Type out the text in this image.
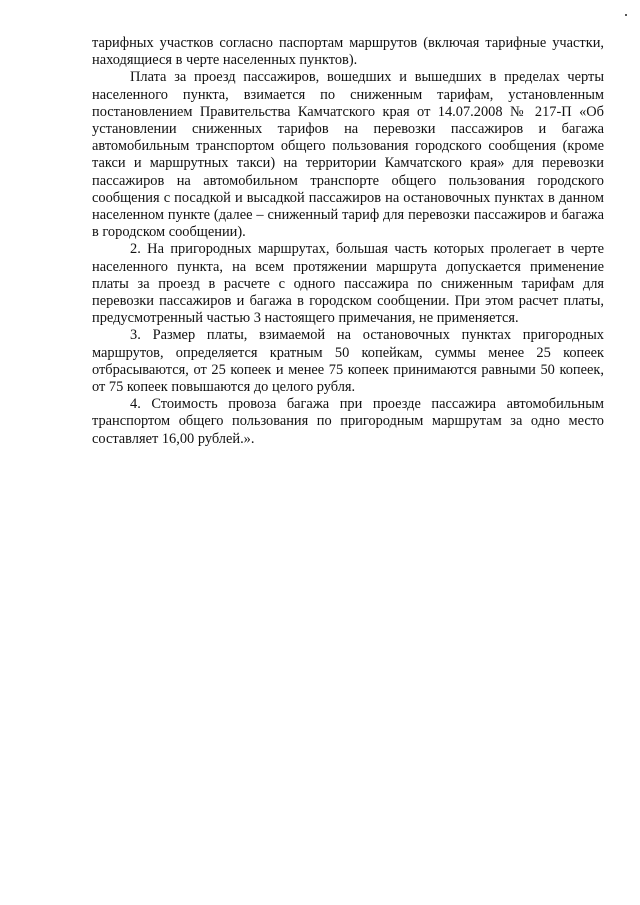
тарифных участков согласно паспортам маршрутов (включая тарифные участки, находящиеся в черте населенных пунктов).

Плата за проезд пассажиров, вошедших и вышедших в пределах черты населенного пункта, взимается по сниженным тарифам, установленным постановлением Правительства Камчатского края от 14.07.2008 № 217-П «Об установлении сниженных тарифов на перевозки пассажиров и багажа автомобильным транспортом общего пользования городского сообщения (кроме такси и маршрутных такси) на территории Камчатского края» для перевозки пассажиров на автомобильном транспорте общего пользования городского сообщения с посадкой и высадкой пассажиров на остановочных пунктах в данном населенном пункте (далее – сниженный тариф для перевозки пассажиров и багажа в городском сообщении).

2. На пригородных маршрутах, большая часть которых пролегает в черте населенного пункта, на всем протяжении маршрута допускается применение платы за проезд в расчете с одного пассажира по сниженным тарифам для перевозки пассажиров и багажа в городском сообщении. При этом расчет платы, предусмотренный частью 3 настоящего примечания, не применяется.

3. Размер платы, взимаемой на остановочных пунктах пригородных маршрутов, определяется кратным 50 копейкам, суммы менее 25 копеек отбрасываются, от 25 копеек и менее 75 копеек принимаются равными 50 копеек, от 75 копеек повышаются до целого рубля.

4. Стоимость провоза багажа при проезде пассажира автомобильным транспортом общего пользования по пригородным маршрутам за одно место составляет 16,00 рублей.».
